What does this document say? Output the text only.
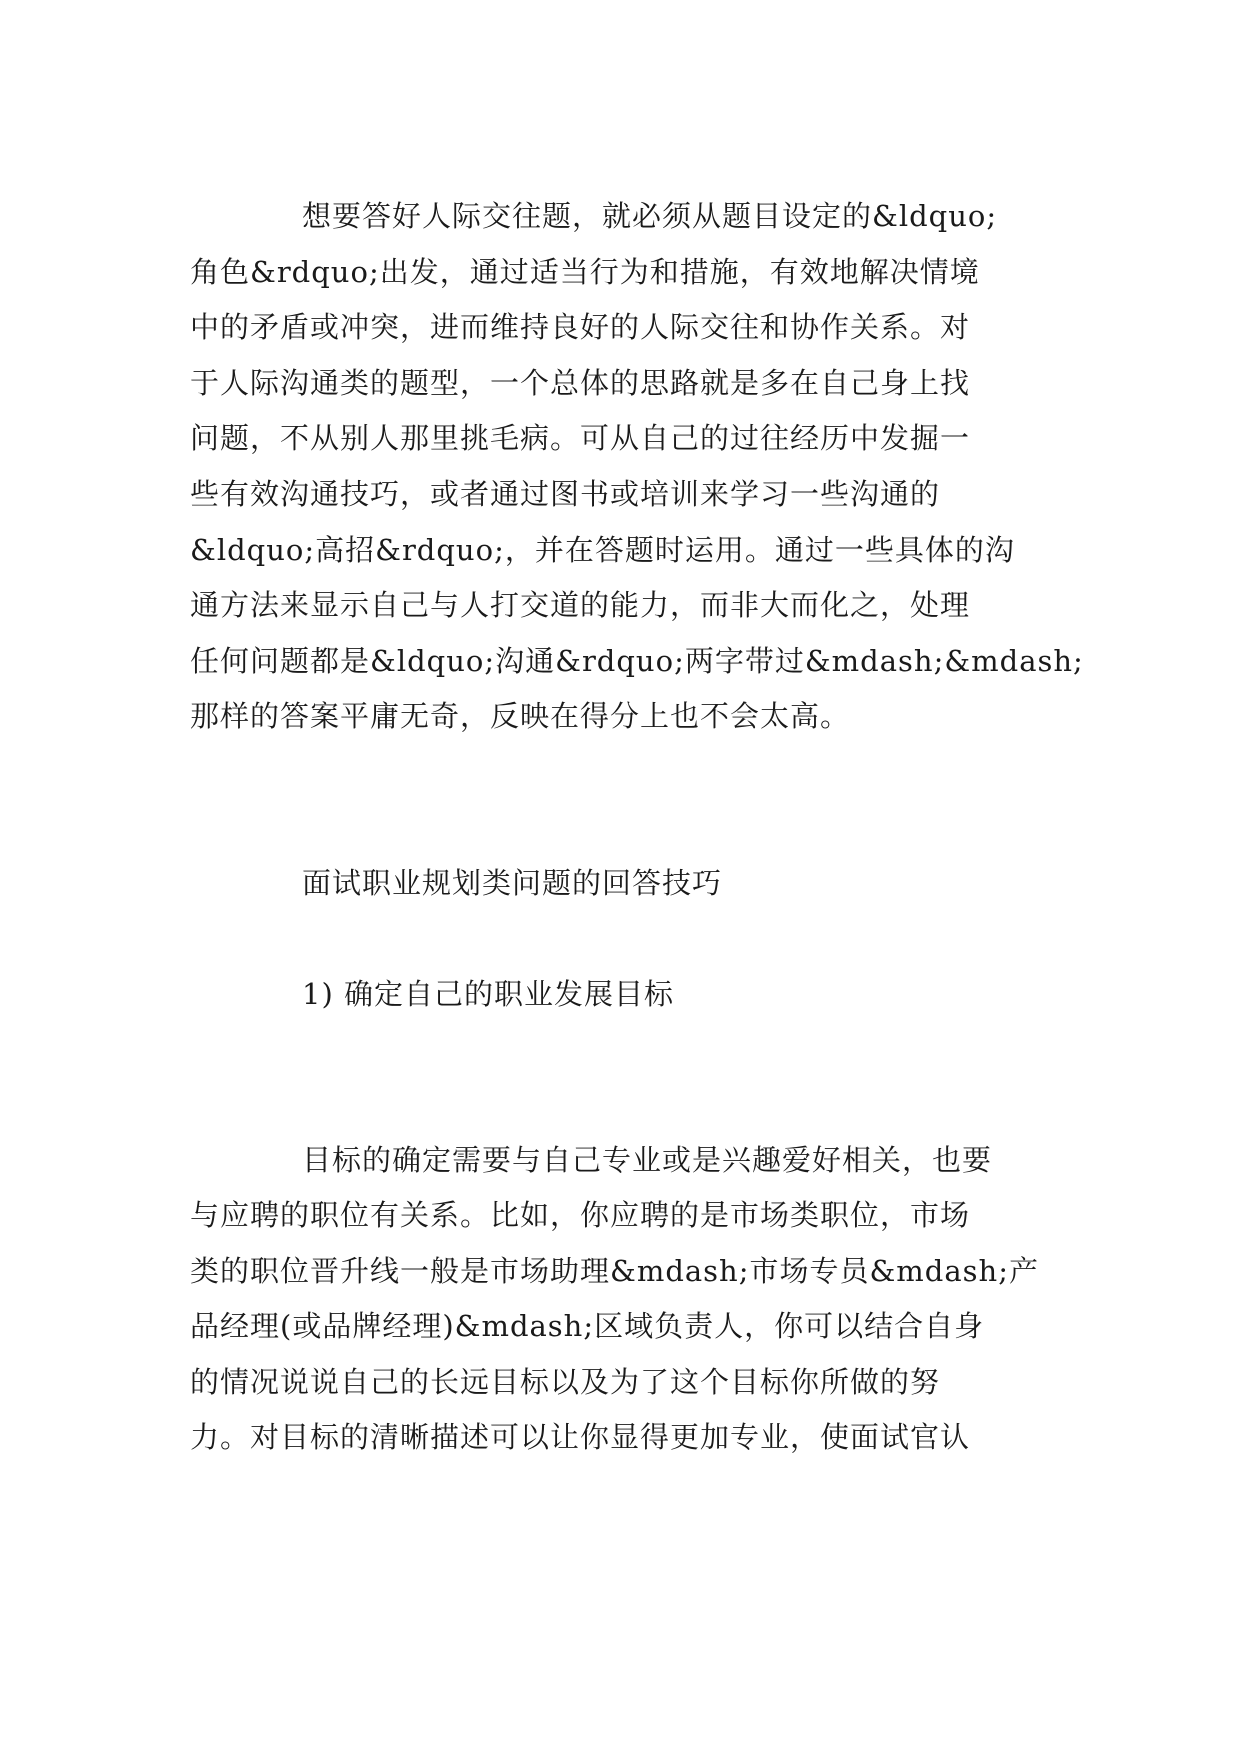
想要答好人际交往题，就必须从题目设定的&ldquo;
角色&rdquo;出发，通过适当行为和措施，有效地解决情境
中的矛盾或冲突，进而维持良好的人际交往和协作关系。对
于人际沟通类的题型，一个总体的思路就是多在自己身上找
问题，不从别人那里挑毛病。可从自己的过往经历中发掘一
些有效沟通技巧，或者通过图书或培训来学习一些沟通的
&ldquo;高招&rdquo;，并在答题时运用。通过一些具体的沟
通方法来显示自己与人打交道的能力，而非大而化之，处理
任何问题都是&ldquo;沟通&rdquo;两字带过&mdash;&mdash;
那样的答案平庸无奇，反映在得分上也不会太高。
面试职业规划类问题的回答技巧
1) 确定自己的职业发展目标
目标的确定需要与自己专业或是兴趣爱好相关，也要
与应聘的职位有关系。比如，你应聘的是市场类职位，市场
类的职位晋升线一般是市场助理&mdash;市场专员&mdash;产
品经理(或品牌经理)&mdash;区域负责人，你可以结合自身
的情况说说自己的长远目标以及为了这个目标你所做的努
力。对目标的清晰描述可以让你显得更加专业，使面试官认
